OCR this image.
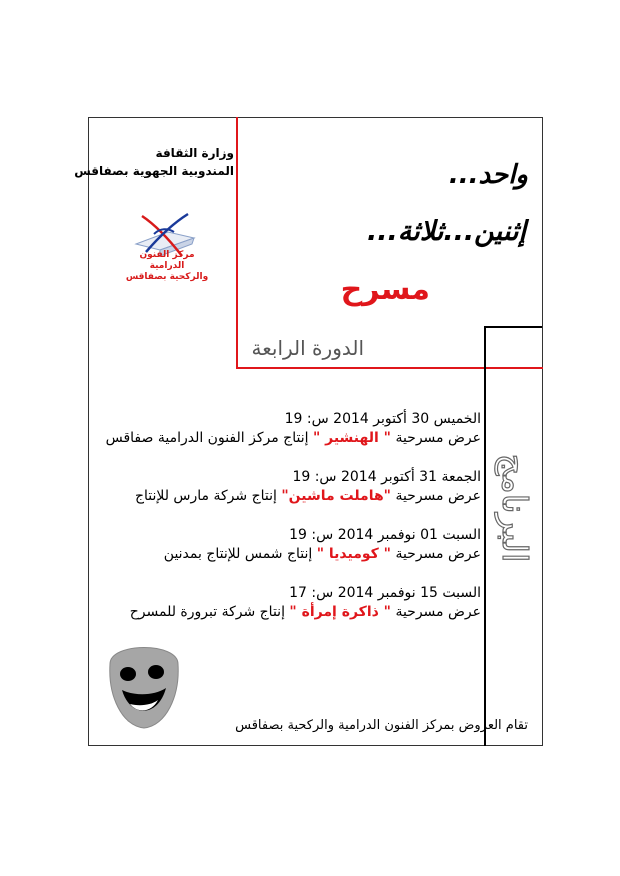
وزارة الثقافة
المندوبية الجهوية بصفاقس
مركز الفنون الدرامية
والركحية بصفاقس
واحد...
إثنين...ثلاثة...
مسرح
الدورة الرابعة
البرنامج
الخميس 30 أكتوبر 2014 س: 19
عرض مسرحية " الهنشير " إنتاج مركز الفنون الدرامية صفاقس
الجمعة 31 أكتوبر 2014 س: 19
عرض مسرحية "هاملت ماشين" إنتاج شركة مارس للإنتاج
السبت 01 نوفمبر 2014 س: 19
عرض مسرحية " كوميديا " إنتاج شمس للإنتاج بمدنين
السبت 15 نوفمبر 2014 س: 17
عرض مسرحية " ذاكرة إمرأة " إنتاج شركة تبرورة للمسرح
تقام العروض بمركز الفنون الدرامية والركحية بصفاقس
